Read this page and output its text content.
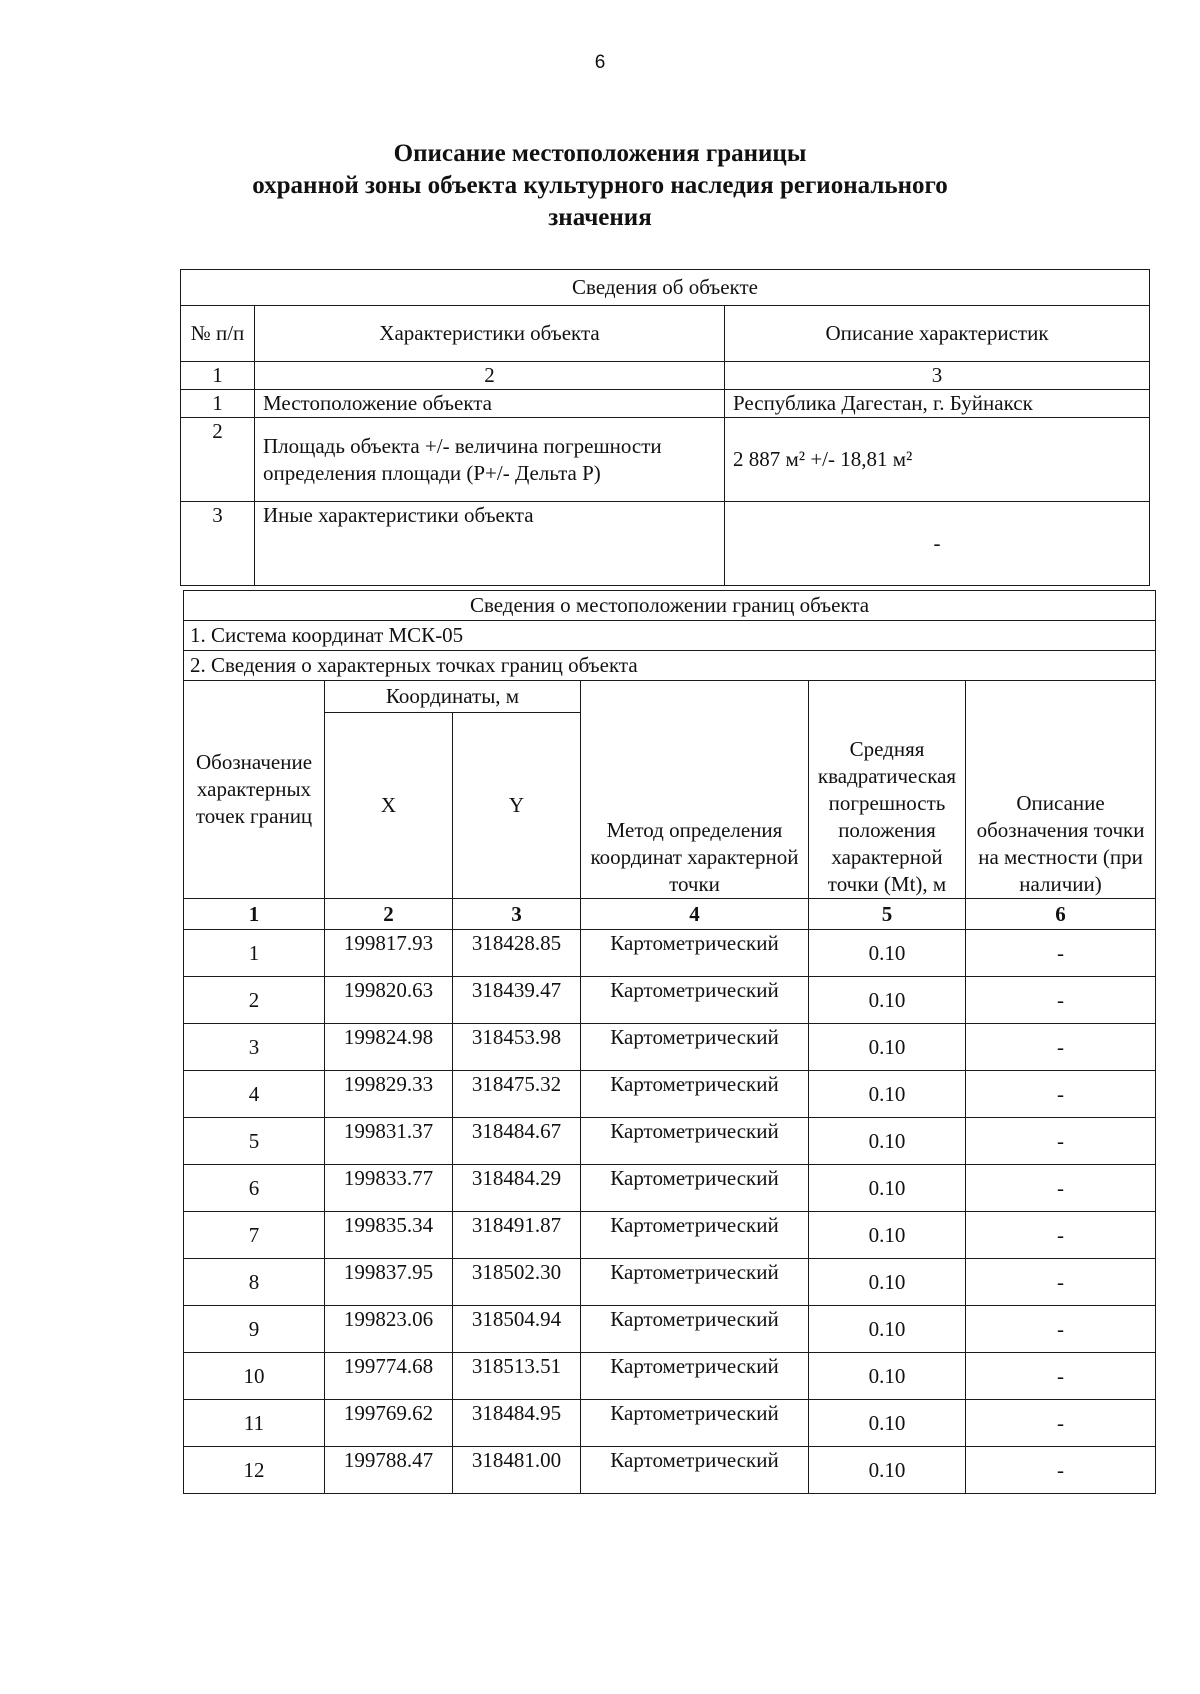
6
Описание местоположения границы
охранной зоны объекта культурного наследия регионального
значения
Сведения об объекте		
№ п/п	Характеристики объекта	Описание характеристик
1	2	3
1	Местоположение объекта	Республика Дагестан, г. Буйнакск
2	Площадь объекта +/- величина погрешности определения площади (Р+/- Дельта Р)	2 887 м² +/- 18,81 м²
3	Иные характеристики объекта	-
Сведения о местоположении границ объекта					
1. Система координат МСК-05					
2. Сведения о характерных точках границ объекта					
Обозначение характерных точек границ	Координаты, м		Метод определения координат характерной точки	Средняя квадратическая погрешность положения характерной точки (Mt), м	Описание обозначения точки на местности (при наличии)
	X	Y			
1	2	3	4	5	6
1	199817.93	318428.85	Картометрический	0.10	-
2	199820.63	318439.47	Картометрический	0.10	-
3	199824.98	318453.98	Картометрический	0.10	-
4	199829.33	318475.32	Картометрический	0.10	-
5	199831.37	318484.67	Картометрический	0.10	-
6	199833.77	318484.29	Картометрический	0.10	-
7	199835.34	318491.87	Картометрический	0.10	-
8	199837.95	318502.30	Картометрический	0.10	-
9	199823.06	318504.94	Картометрический	0.10	-
10	199774.68	318513.51	Картометрический	0.10	-
11	199769.62	318484.95	Картометрический	0.10	-
12	199788.47	318481.00	Картометрический	0.10	-
